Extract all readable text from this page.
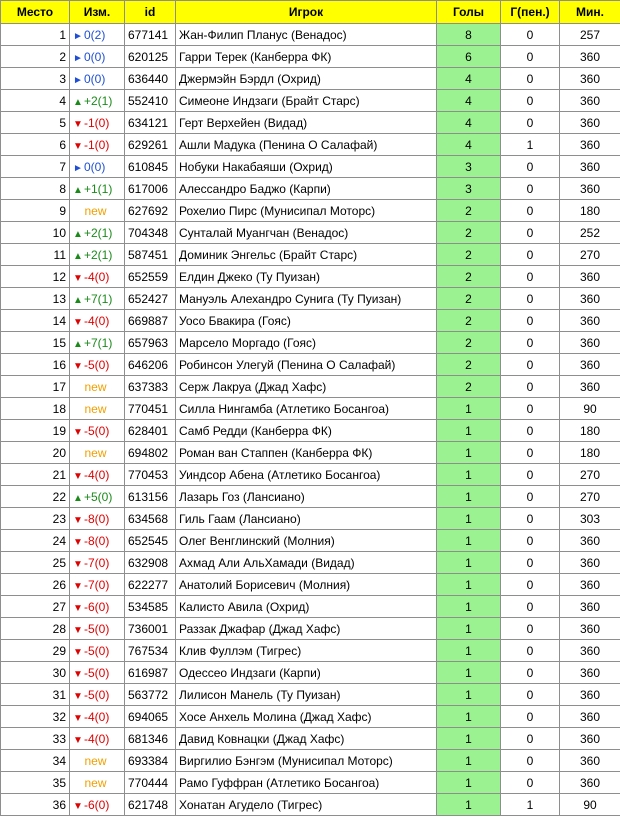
Место	Изм.	id	Игрок	Голы	Г(пен.)	Мин.
1	►0(2)	677141	Жан-Филип Планус (Венадос)	8	0	257
2	►0(0)	620125	Гарри Терек (Канберра ФК)	6	0	360
3	►0(0)	636440	Джермэйн Бэрдл (Охрид)	4	0	360
4	▲+2(1)	552410	Симеоне Индзаги (Брайт Старс)	4	0	360
5	▼-1(0)	634121	Герт Верхейен (Видад)	4	0	360
6	▼-1(0)	629261	Ашли Мадука (Пенина О Салафай)	4	1	360
7	►0(0)	610845	Нобуки Накабаяши (Охрид)	3	0	360
8	▲+1(1)	617006	Алессандро Баджо (Карпи)	3	0	360
9	new	627692	Рохелио Пирс (Мунисипал Моторс)	2	0	180
10	▲+2(1)	704348	Сунталай Муангчан (Венадос)	2	0	252
11	▲+2(1)	587451	Доминик Энгельс (Брайт Старс)	2	0	270
12	▼-4(0)	652559	Елдин Джеко (Ту Пуизан)	2	0	360
13	▲+7(1)	652427	Мануэль Алехандро Сунига (Ту Пуизан)	2	0	360
14	▼-4(0)	669887	Уосо Бвакира (Гояс)	2	0	360
15	▲+7(1)	657963	Марсело Моргадо (Гояс)	2	0	360
16	▼-5(0)	646206	Робинсон Улегуй (Пенина О Салафай)	2	0	360
17	new	637383	Серж Лакруа (Джад Хафс)	2	0	360
18	new	770451	Силла Нингамба (Атлетико Босангоа)	1	0	90
19	▼-5(0)	628401	Самб Редди (Канберра ФК)	1	0	180
20	new	694802	Роман ван Стаппен (Канберра ФК)	1	0	180
21	▼-4(0)	770453	Уиндсор Абена (Атлетико Босангоа)	1	0	270
22	▲+5(0)	613156	Лазарь Гоз (Лансиано)	1	0	270
23	▼-8(0)	634568	Гиль Гаам (Лансиано)	1	0	303
24	▼-8(0)	652545	Олег Венглинский (Молния)	1	0	360
25	▼-7(0)	632908	Ахмад Али АльХамади (Видад)	1	0	360
26	▼-7(0)	622277	Анатолий Борисевич (Молния)	1	0	360
27	▼-6(0)	534585	Калисто Авила (Охрид)	1	0	360
28	▼-5(0)	736001	Раззак Джафар (Джад Хафс)	1	0	360
29	▼-5(0)	767534	Клив Фуллэм (Тигрес)	1	0	360
30	▼-5(0)	616987	Одессео Индзаги (Карпи)	1	0	360
31	▼-5(0)	563772	Лилисон Манель (Ту Пуизан)	1	0	360
32	▼-4(0)	694065	Хосе Анхель Молина (Джад Хафс)	1	0	360
33	▼-4(0)	681346	Давид Ковнацки (Джад Хафс)	1	0	360
34	new	693384	Виргилио Бэнгэм (Мунисипал Моторс)	1	0	360
35	new	770444	Рамо Гуффран (Атлетико Босангоа)	1	0	360
36	▼-6(0)	621748	Хонатан Агудело (Тигрес)	1	1	90
